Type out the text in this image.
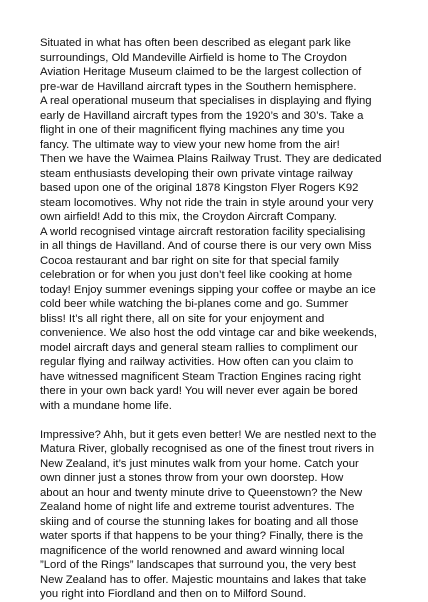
Situated in what has often been described as elegant park like
surroundings, Old Mandeville Airfield is home to The Croydon
Aviation Heritage Museum claimed to be the largest collection of
pre-war de Havilland aircraft types in the Southern hemisphere.
A real operational museum that specialises in displaying and flying
early de Havilland aircraft types from the 1920’s and 30’s. Take a
flight in one of their magnificent flying machines any time you
fancy. The ultimate way to view your new home from the air!
Then we have the Waimea Plains Railway Trust. They are dedicated
steam enthusiasts developing their own private vintage railway
based upon one of the original 1878 Kingston Flyer Rogers K92
steam locomotives. Why not ride the train in style around your very
own airfield! Add to this mix, the Croydon Aircraft Company.
A world recognised vintage aircraft restoration facility specialising
in all things de Havilland. And of course there is our very own Miss
Cocoa restaurant and bar right on site for that special family
celebration or for when you just don’t feel like cooking at home
today! Enjoy summer evenings sipping your coffee or maybe an ice
cold beer while watching the bi-planes come and go. Summer
bliss! It’s all right there, all on site for your enjoyment and
convenience. We also host the odd vintage car and bike weekends,
model aircraft days and general steam rallies to compliment our
regular flying and railway activities. How often can you claim to
have witnessed magnificent Steam Traction Engines racing right
there in your own back yard! You will never ever again be bored
with a mundane home life.

Impressive? Ahh, but it gets even better! We are nestled next to the
Matura River, globally recognised as one of the finest trout rivers in
New Zealand, it’s just minutes walk from your home. Catch your
own dinner just a stones throw from your own doorstep. How
about an hour and twenty minute drive to Queenstown? the New
Zealand home of night life and extreme tourist adventures. The
skiing and of course the stunning lakes for boating and all those
water sports if that happens to be your thing? Finally, there is the
magnificence of the world renowned and award winning local
”Lord of the Rings” landscapes that surround you, the very best
New Zealand has to offer. Majestic mountains and lakes that take
you right into Fiordland and then on to Milford Sound.
